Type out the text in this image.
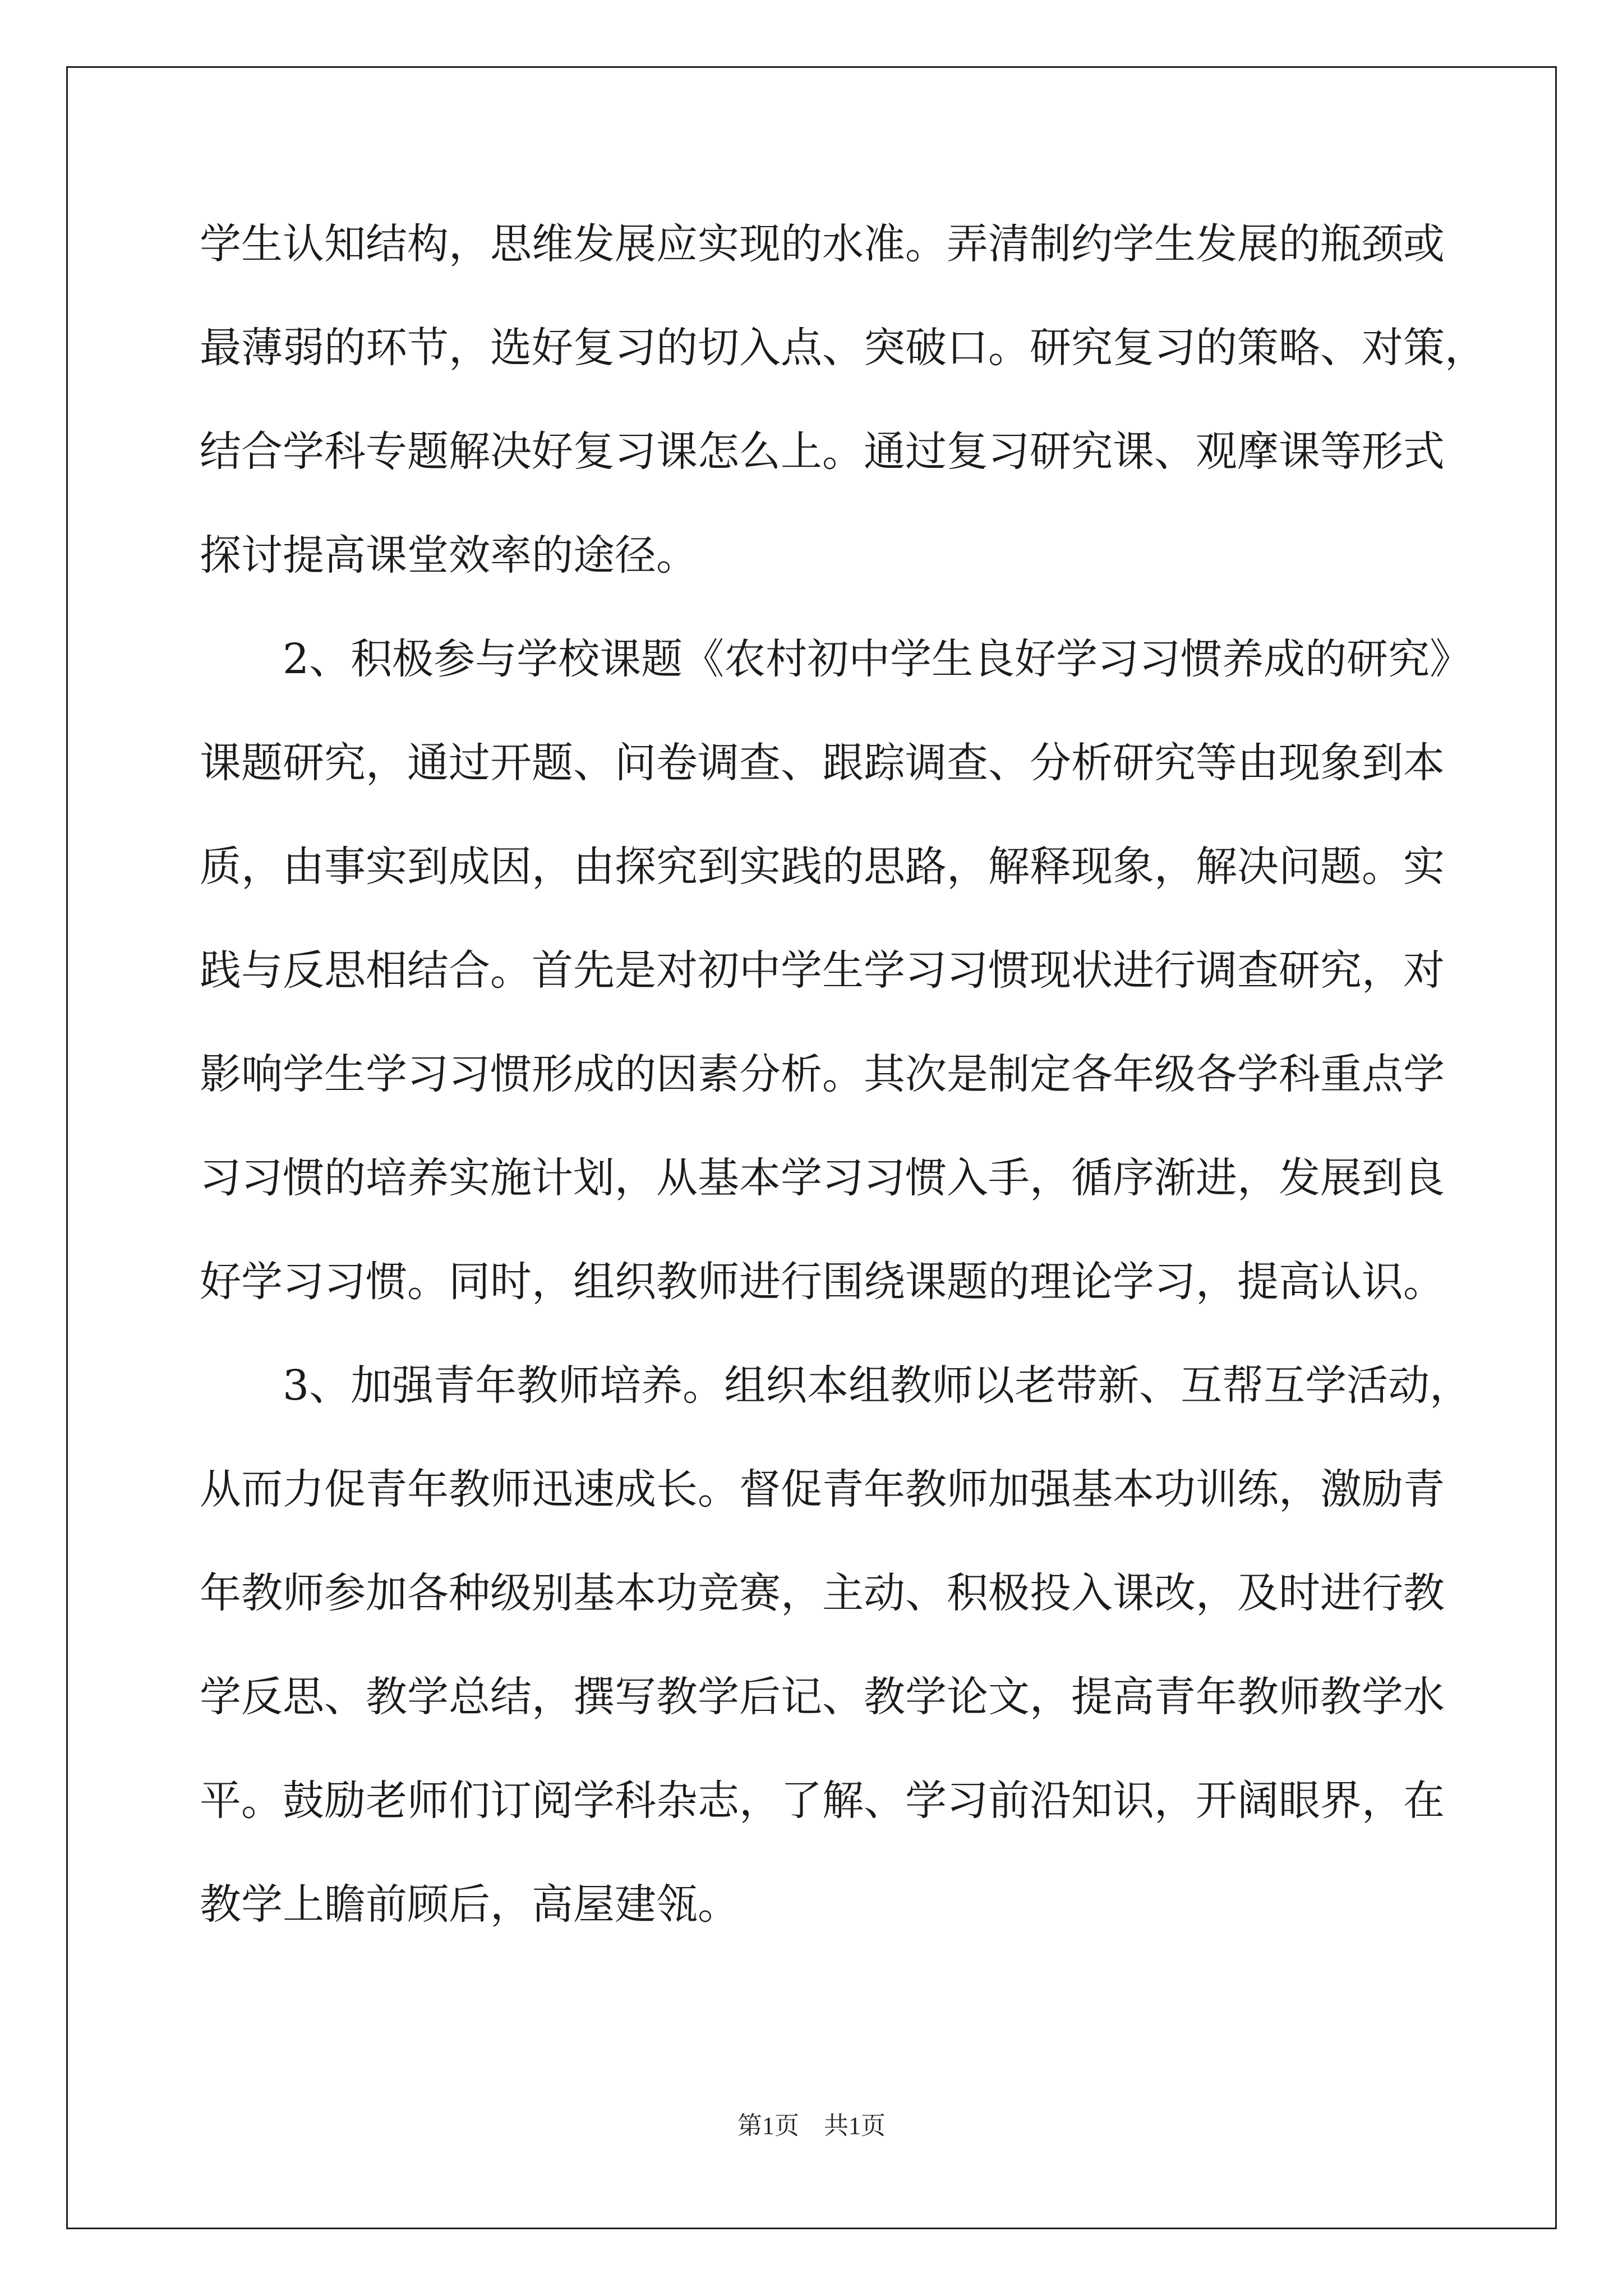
学生认知结构，思维发展应实现的水准。弄清制约学生发展的瓶颈或
最薄弱的环节，选好复习的切入点、突破口。研究复习的策略、对策，
结合学科专题解决好复习课怎么上。通过复习研究课、观摩课等形式
探讨提高课堂效率的途径。
　　2、积极参与学校课题《农村初中学生良好学习习惯养成的研究》
课题研究，通过开题、问卷调查、跟踪调查、分析研究等由现象到本
质，由事实到成因，由探究到实践的思路，解释现象，解决问题。实
践与反思相结合。首先是对初中学生学习习惯现状进行调查研究，对
影响学生学习习惯形成的因素分析。其次是制定各年级各学科重点学
习习惯的培养实施计划，从基本学习习惯入手，循序渐进，发展到良
好学习习惯。同时，组织教师进行围绕课题的理论学习，提高认识。
　　3、加强青年教师培养。组织本组教师以老带新、互帮互学活动，
从而力促青年教师迅速成长。督促青年教师加强基本功训练，激励青
年教师参加各种级别基本功竞赛，主动、积极投入课改，及时进行教
学反思、教学总结，撰写教学后记、教学论文，提高青年教师教学水
平。鼓励老师们订阅学科杂志，了解、学习前沿知识，开阔眼界，在
教学上瞻前顾后，高屋建瓴。
第1页　共1页
